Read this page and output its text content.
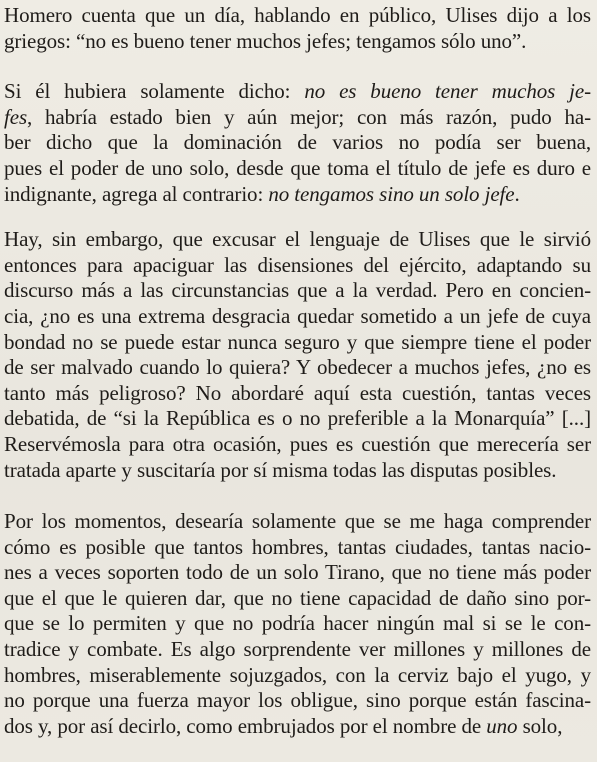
Homero cuenta que un día, hablando en público, Ulises dijo a los
griegos: “no es bueno tener muchos jefes; tengamos sólo uno”.
Si él hubiera solamente dicho: no es bueno tener muchos je-
fes, habría estado bien y aún mejor; con más razón, pudo ha-
ber dicho que la dominación de varios no podía ser buena,
pues el poder de uno solo, desde que toma el título de jefe es duro e
indignante, agrega al contrario: no tengamos sino un solo jefe.
Hay, sin embargo, que excusar el lenguaje de Ulises que le sirvió
entonces para apaciguar las disensiones del ejército, adaptando su
discurso más a las circunstancias que a la verdad. Pero en concien-
cia, ¿no es una extrema desgracia quedar sometido a un jefe de cuya
bondad no se puede estar nunca seguro y que siempre tiene el poder
de ser malvado cuando lo quiera? Y obedecer a muchos jefes, ¿no es
tanto más peligroso? No abordaré aquí esta cuestión, tantas veces
debatida, de “si la República es o no preferible a la Monarquía” [...]
Reservémosla para otra ocasión, pues es cuestión que merecería ser
tratada aparte y suscitaría por sí misma todas las disputas posibles.
Por los momentos, desearía solamente que se me haga comprender
cómo es posible que tantos hombres, tantas ciudades, tantas nacio-
nes a veces soporten todo de un solo Tirano, que no tiene más poder
que el que le quieren dar, que no tiene capacidad de daño sino por-
que se lo permiten y que no podría hacer ningún mal si se le con-
tradice y combate. Es algo sorprendente ver millones y millones de
hombres, miserablemente sojuzgados, con la cerviz bajo el yugo, y
no porque una fuerza mayor los obligue, sino porque están fascina-
dos y, por así decirlo, como embrujados por el nombre de uno solo,
